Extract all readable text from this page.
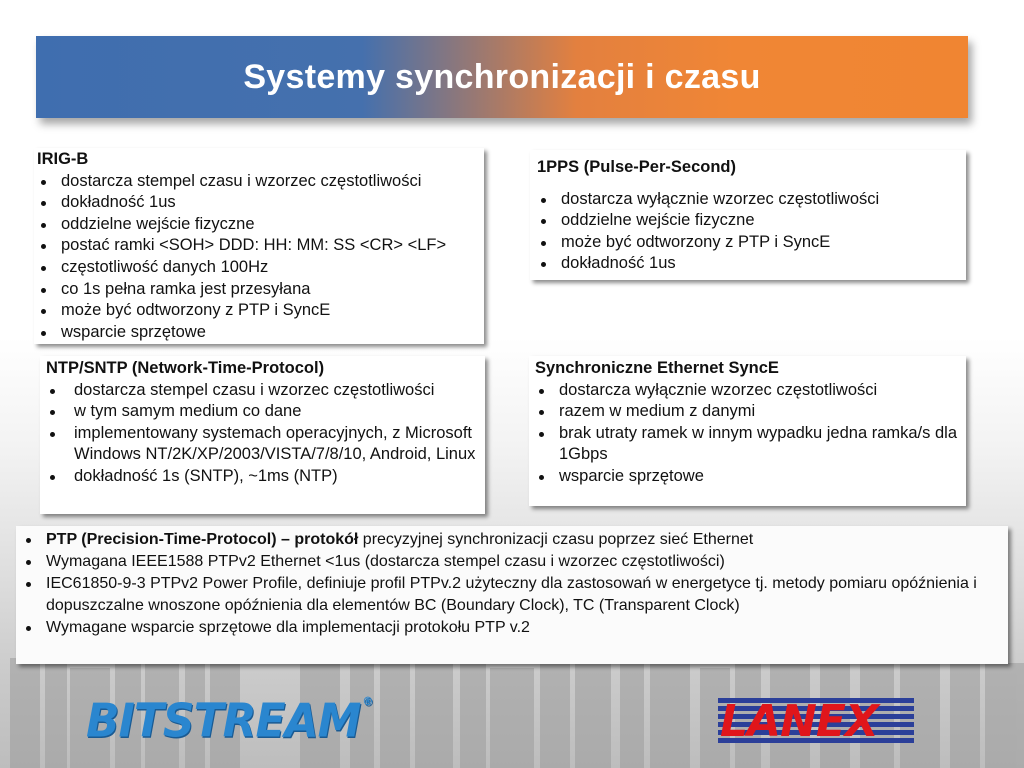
Systemy synchronizacji i czasu
IRIG-B
dostarcza stempel czasu i wzorzec częstotliwości
dokładność 1us
oddzielne wejście fizyczne
postać ramki <SOH> DDD: HH: MM: SS <CR> <LF>
częstotliwość danych 100Hz
co 1s pełna ramka jest przesyłana
może być odtworzony z PTP i SyncE
wsparcie sprzętowe
1PPS (Pulse-Per-Second)
dostarcza wyłącznie wzorzec częstotliwości
oddzielne wejście fizyczne
może być odtworzony z PTP i SyncE
dokładność 1us
NTP/SNTP (Network-Time-Protocol)
dostarcza stempel czasu i wzorzec częstotliwości
w tym samym medium co dane
implementowany systemach operacyjnych, z Microsoft Windows NT/2K/XP/2003/VISTA/7/8/10, Android, Linux
dokładność 1s (SNTP), ~1ms (NTP)
Synchroniczne Ethernet SyncE
dostarcza wyłącznie wzorzec częstotliwości
razem w medium z danymi
brak utraty ramek w innym wypadku jedna ramka/s dla 1Gbps
wsparcie sprzętowe
PTP (Precision-Time-Protocol) – protokół precyzyjnej synchronizacji czasu poprzez sieć Ethernet
Wymagana IEEE1588 PTPv2 Ethernet <1us (dostarcza stempel czasu i wzorzec częstotliwości)
IEC61850-9-3 PTPv2 Power Profile, definiuje profil PTPv.2 użyteczny dla zastosowań w energetyce tj. metody pomiaru opóźnienia i dopuszczalne wnoszone opóźnienia dla elementów BC (Boundary Clock), TC (Transparent Clock)
Wymagane wsparcie sprzętowe dla implementacji protokołu PTP v.2
BITSTREAM ®	LANEX
